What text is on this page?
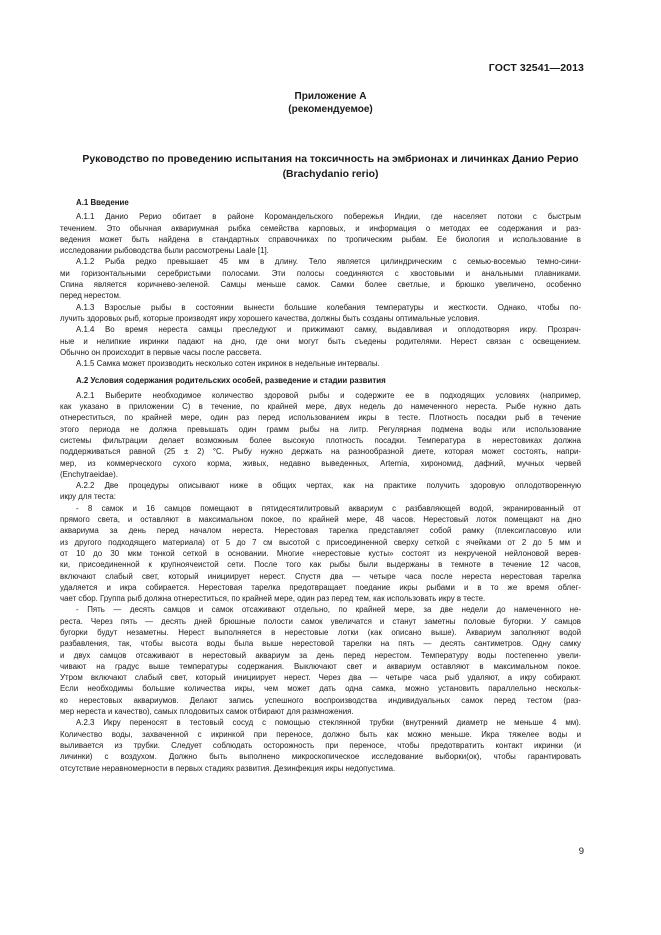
ГОСТ 32541—2013
Приложение А
(рекомендуемое)
Руководство по проведению испытания на токсичность на эмбрионах и личинках Данио Рерио
(Brachydanio rerio)
А.1 Введение
А.1.1 Данио Рерио обитает в районе Коромандельского побережья Индии, где населяет потоки с быстрым
течением. Это обычная аквариумная рыбка семейства карповых, и информация о методах ее содержания и раз-
ведения может быть найдена в стандартных справочниках по тропическим рыбам. Ее биология и использование в
исследовании рыбоводства были рассмотрены Laale [1].
А.1.2 Рыба редко превышает 45 мм в длину. Тело является цилиндрическим с семью-восемью темно-сини-
ми горизонтальными серебристыми полосами. Эти полосы соединяются с хвостовыми и анальными плавниками.
Спина является коричнево-зеленой. Самцы меньше самок. Самки более светлые, и брюшко увеличено, особенно
перед нерестом.
А.1.3 Взрослые рыбы в состоянии вынести большие колебания температуры и жесткости. Однако, чтобы по-
лучить здоровых рыб, которые производят икру хорошего качества, должны быть созданы оптимальные условия.
А.1.4 Во время нереста самцы преследуют и прижимают самку, выдавливая и оплодотворяя икру. Прозрач-
ные и нелипкие икринки падают на дно, где они могут быть съедены родителями. Нерест связан с освещением.
Обычно он происходит в первые часы после рассвета.
А.1.5 Самка может производить несколько сотен икринок в недельные интервалы.
А.2 Условия содержания родительских особей, разведение и стадии развития
А.2.1 Выберите необходимое количество здоровой рыбы и содержите ее в подходящих условиях (например,
как указано в приложении С) в течение, по крайней мере, двух недель до намеченного нереста. Рыбе нужно дать
отнереститься, по крайней мере, один раз перед использованием икры в тесте. Плотность посадки рыб в течение
этого периода не должна превышать один грамм рыбы на литр. Регулярная подмена воды или использование
системы фильтрации делает возможным более высокую плотность посадки. Температура в нерестовиках должна
поддерживаться равной (25 ± 2) °С. Рыбу нужно держать на разнообразной диете, которая может состоять, напри-
мер, из коммерческого сухого корма, живых, недавно выведенных, Artemia, хирономид, дафний, мучных червей
(Enchytraeidae).
А.2.2 Две процедуры описывают ниже в общих чертах, как на практике получить здоровую оплодотворенную
икру для теста:
- 8 самок и 16 самцов помещают в пятидесятилитровый аквариум с разбавляющей водой, экранированный от
прямого света, и оставляют в максимальном покое, по крайней мере, 48 часов. Нерестовый лоток помещают на дно
аквариума за день перед началом нереста. Нерестовая тарелка представляет собой рамку (плексигласовую или
из другого подходящего материала) от 5 до 7 см высотой с присоединенной сверху сеткой с ячейками от 2 до 5 мм и
от 10 до 30 мкм тонкой сеткой в основании. Многие «нерестовые кусты» состоят из некрученой нейлоновой верев-
ки, присоединенной к крупноячеистой сети. После того как рыбы были выдержаны в темноте в течение 12 часов,
включают слабый свет, который инициирует нерест. Спустя два — четыре часа после нереста нерестовая тарелка
удаляется и икра собирается. Нерестовая тарелка предотвращает поедание икры рыбами и в то же время облег-
чает сбор. Группа рыб должна отнереститься, по крайней мере, один раз перед тем, как использовать икру в тесте.
- Пять — десять самцов и самок отсаживают отдельно, по крайней мере, за две недели до намеченного не-
реста. Через пять — десять дней брюшные полости самок увеличатся и станут заметны половые бугорки. У самцов
бугорки будут незаметны. Нерест выполняется в нерестовые лотки (как описано выше). Аквариум заполняют водой
разбавления, так, чтобы высота воды была выше нерестовой тарелки на пять — десять сантиметров. Одну самку
и двух самцов отсаживают в нерестовый аквариум за день перед нерестом. Температуру воды постепенно увели-
чивают на градус выше температуры содержания. Выключают свет и аквариум оставляют в максимальном покое.
Утром включают слабый свет, который инициирует нерест. Через два — четыре часа рыб удаляют, а икру собирают.
Если необходимы большие количества икры, чем может дать одна самка, можно установить параллельно нескольк-
ко нерестовых аквариумов. Делают запись успешного воспроизводства индивидуальных самок перед тестом (раз-
мер нереста и качество), самых плодовитых самок отбирают для размножения.
А.2.3 Икру переносят в тестовый сосуд с помощью стеклянной трубки (внутренний диаметр не меньше 4 мм).
Количество воды, захваченной с икринкой при переносе, должно быть как можно меньше. Икра тяжелее воды и
выливается из трубки. Следует соблюдать осторожность при переносе, чтобы предотвратить контакт икринки (и
личинки) с воздухом. Должно быть выполнено микроскопическое исследование выборки(ок), чтобы гарантировать
отсутствие неравномерности в первых стадиях развития. Дезинфекция икры недопустима.
9
